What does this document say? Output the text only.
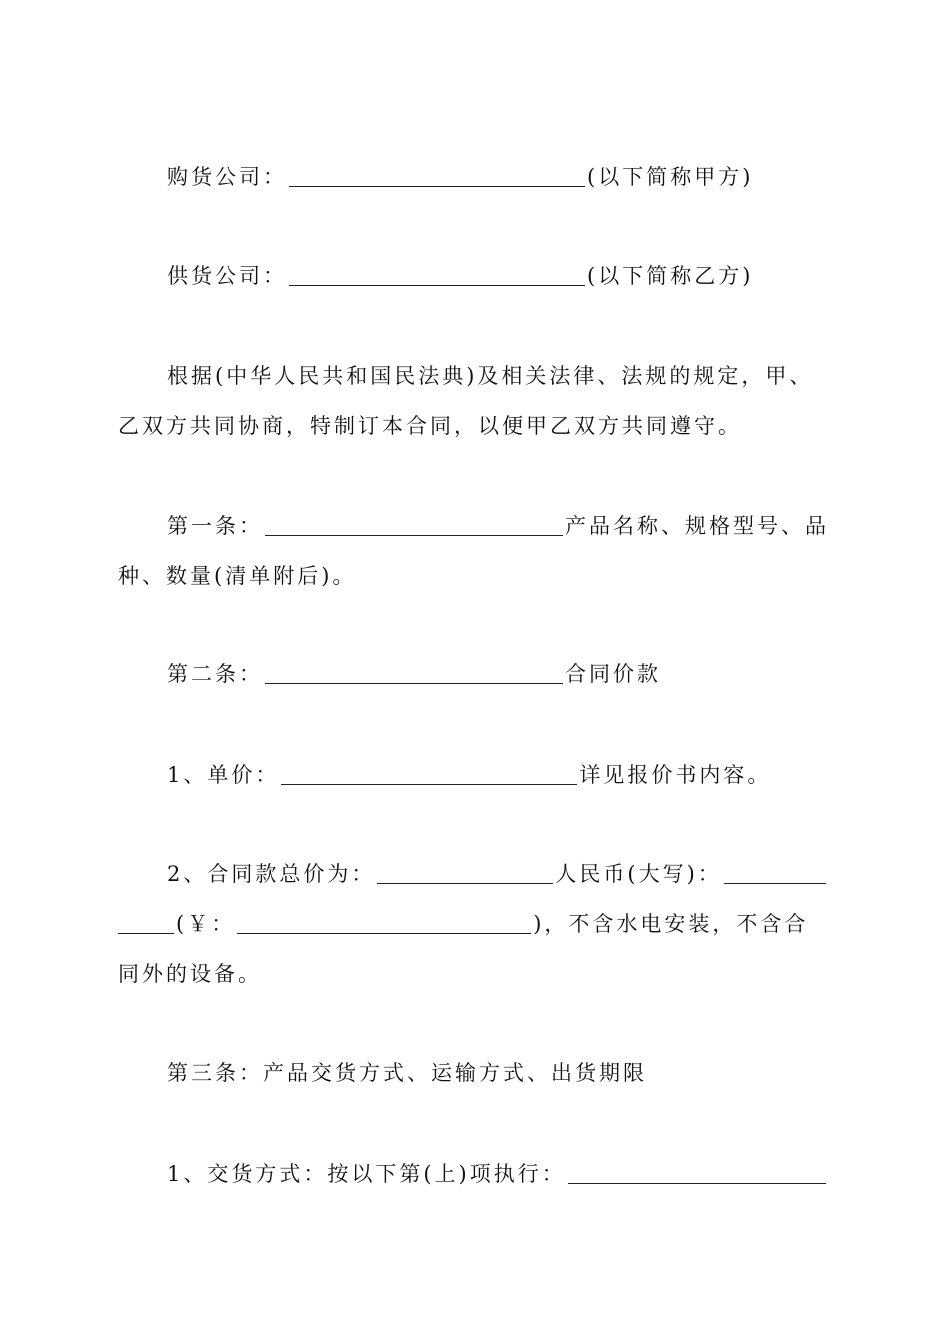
购货公司：	(以下简称甲方)
供货公司：	(以下简称乙方)
根据(中华人民共和国民法典)及相关法律、法规的规定，甲、
乙双方共同协商，特制订本合同，以便甲乙双方共同遵守。
第一条：	产品名称、规格型号、品
种、数量(清单附后)。
第二条：	合同价款
1、单价：	详见报价书内容。
2、合同款总价为：	人民币(大写)：
(￥：	)，不含水电安装，不含合
同外的设备。
第三条：产品交货方式、运输方式、出货期限
1、交货方式：按以下第(上)项执行：
